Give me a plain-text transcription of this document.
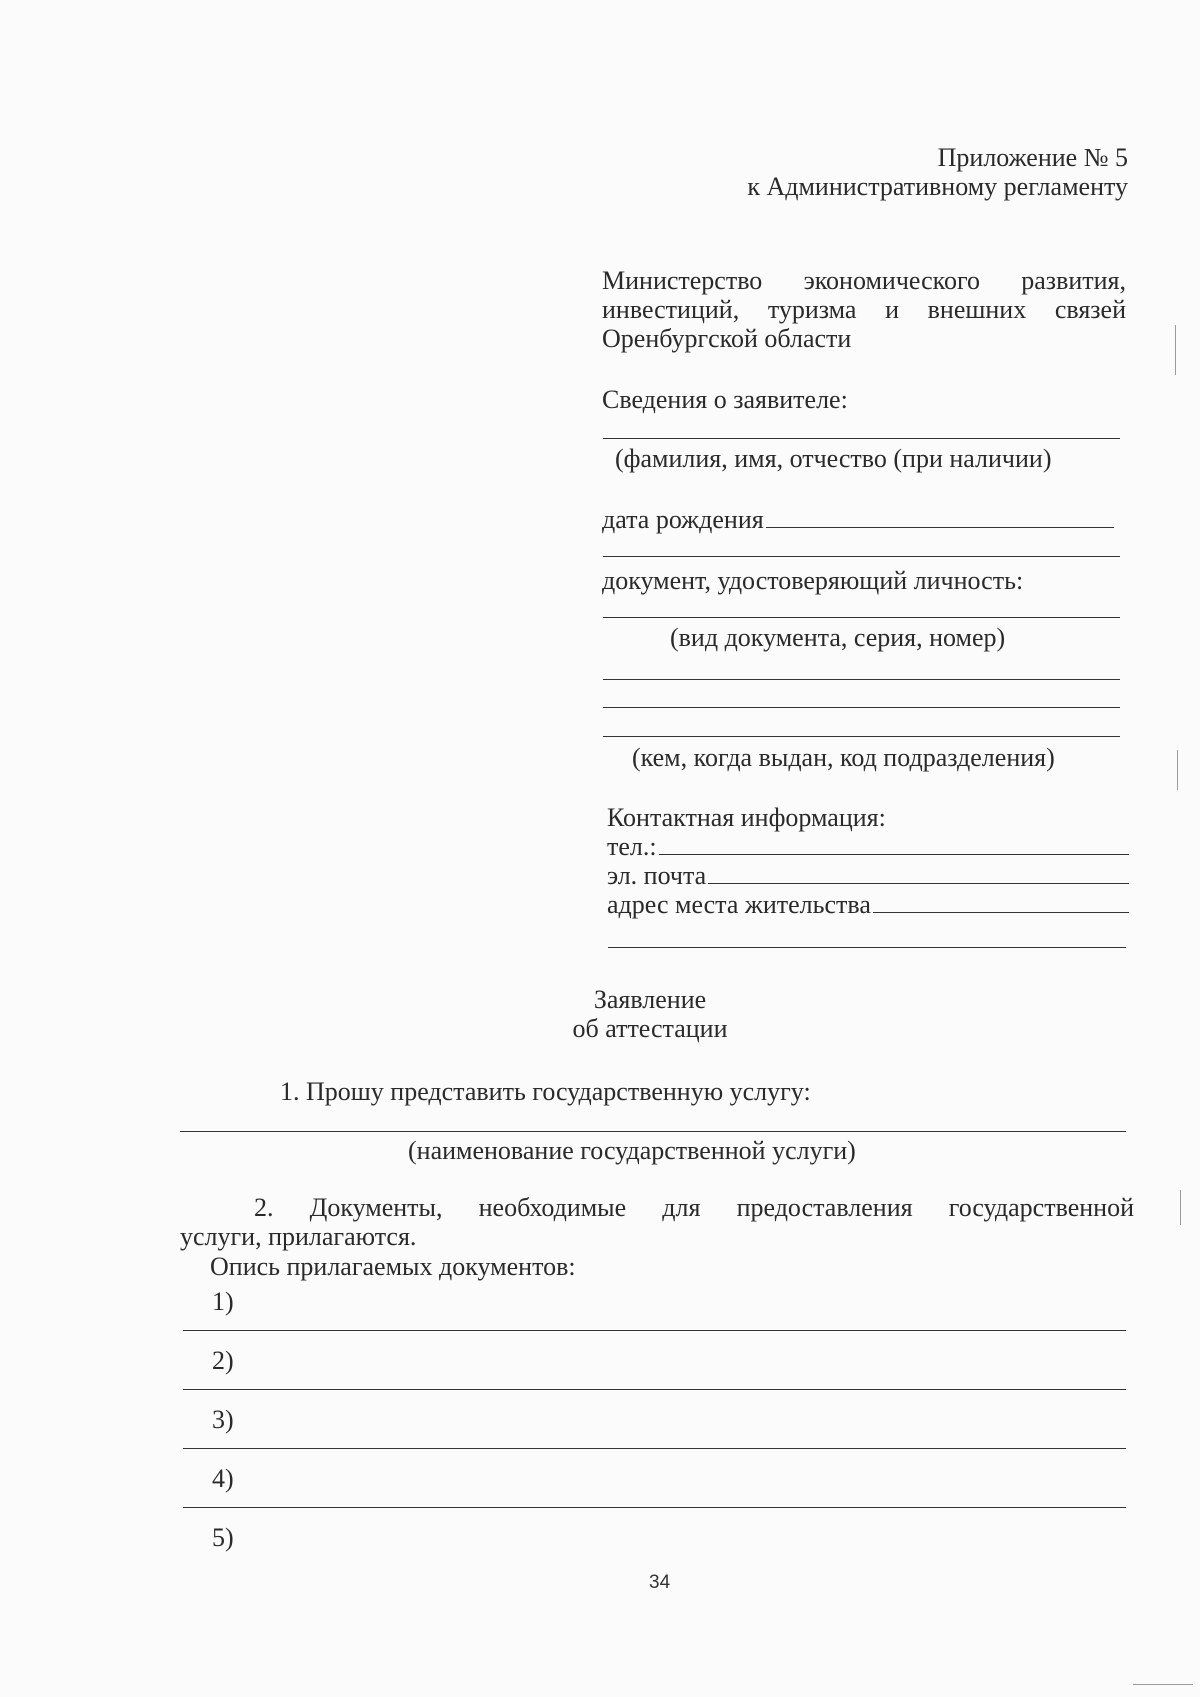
Приложение № 5
к Административному регламенту
Министерство экономического развития,
инвестиций, туризма и внешних связей
Оренбургской области
Сведения о заявителе:
(фамилия, имя, отчество (при наличии)
дата рождения
документ, удостоверяющий личность:
(вид документа, серия, номер)
(кем, когда выдан, код подразделения)
Контактная информация:
тел.:
эл. почта
адрес места жительства
Заявление
об аттестации
1. Прошу представить государственную услугу:
(наименование государственной услуги)
2. Документы, необходимые для предоставления государственной
услуги, прилагаются.
Опись прилагаемых документов:
1)
2)
3)
4)
5)
34
